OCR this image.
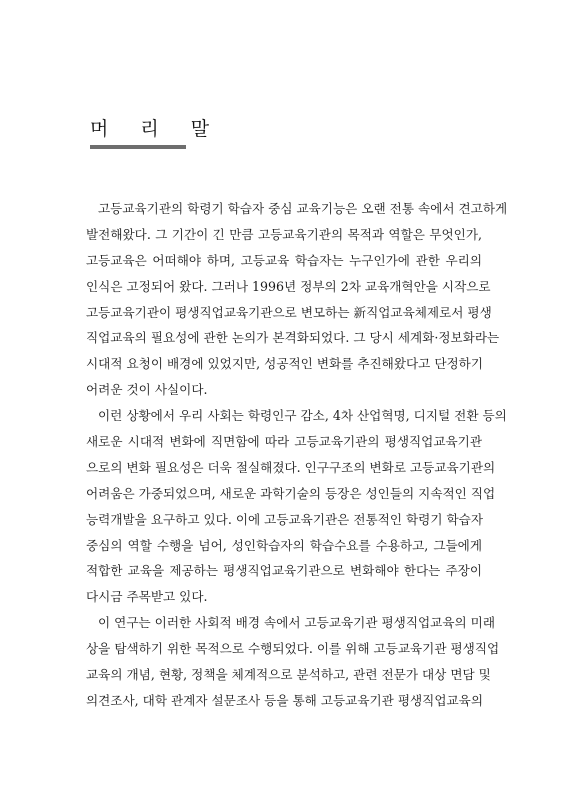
머 리 말
고등교육기관의 학령기 학습자 중심 교육기능은 오랜 전통 속에서 견고하게
발전해왔다. 그 기간이 긴 만큼 고등교육기관의 목적과 역할은 무엇인가,
고등교육은 어떠해야 하며, 고등교육 학습자는 누구인가에 관한 우리의
인식은 고정되어 왔다. 그러나 1996년 정부의 2차 교육개혁안을 시작으로
고등교육기관이 평생직업교육기관으로 변모하는 新직업교육체제로서 평생
직업교육의 필요성에 관한 논의가 본격화되었다. 그 당시 세계화·정보화라는
시대적 요청이 배경에 있었지만, 성공적인 변화를 추진해왔다고 단정하기
어려운 것이 사실이다.
이런 상황에서 우리 사회는 학령인구 감소, 4차 산업혁명, 디지털 전환 등의
새로운 시대적 변화에 직면함에 따라 고등교육기관의 평생직업교육기관
으로의 변화 필요성은 더욱 절실해졌다. 인구구조의 변화로 고등교육기관의
어려움은 가중되었으며, 새로운 과학기술의 등장은 성인들의 지속적인 직업
능력개발을 요구하고 있다. 이에 고등교육기관은 전통적인 학령기 학습자
중심의 역할 수행을 넘어, 성인학습자의 학습수요를 수용하고, 그들에게
적합한 교육을 제공하는 평생직업교육기관으로 변화해야 한다는 주장이
다시금 주목받고 있다.
이 연구는 이러한 사회적 배경 속에서 고등교육기관 평생직업교육의 미래
상을 탐색하기 위한 목적으로 수행되었다. 이를 위해 고등교육기관 평생직업
교육의 개념, 현황, 정책을 체계적으로 분석하고, 관련 전문가 대상 면담 및
의견조사, 대학 관계자 설문조사 등을 통해 고등교육기관 평생직업교육의
